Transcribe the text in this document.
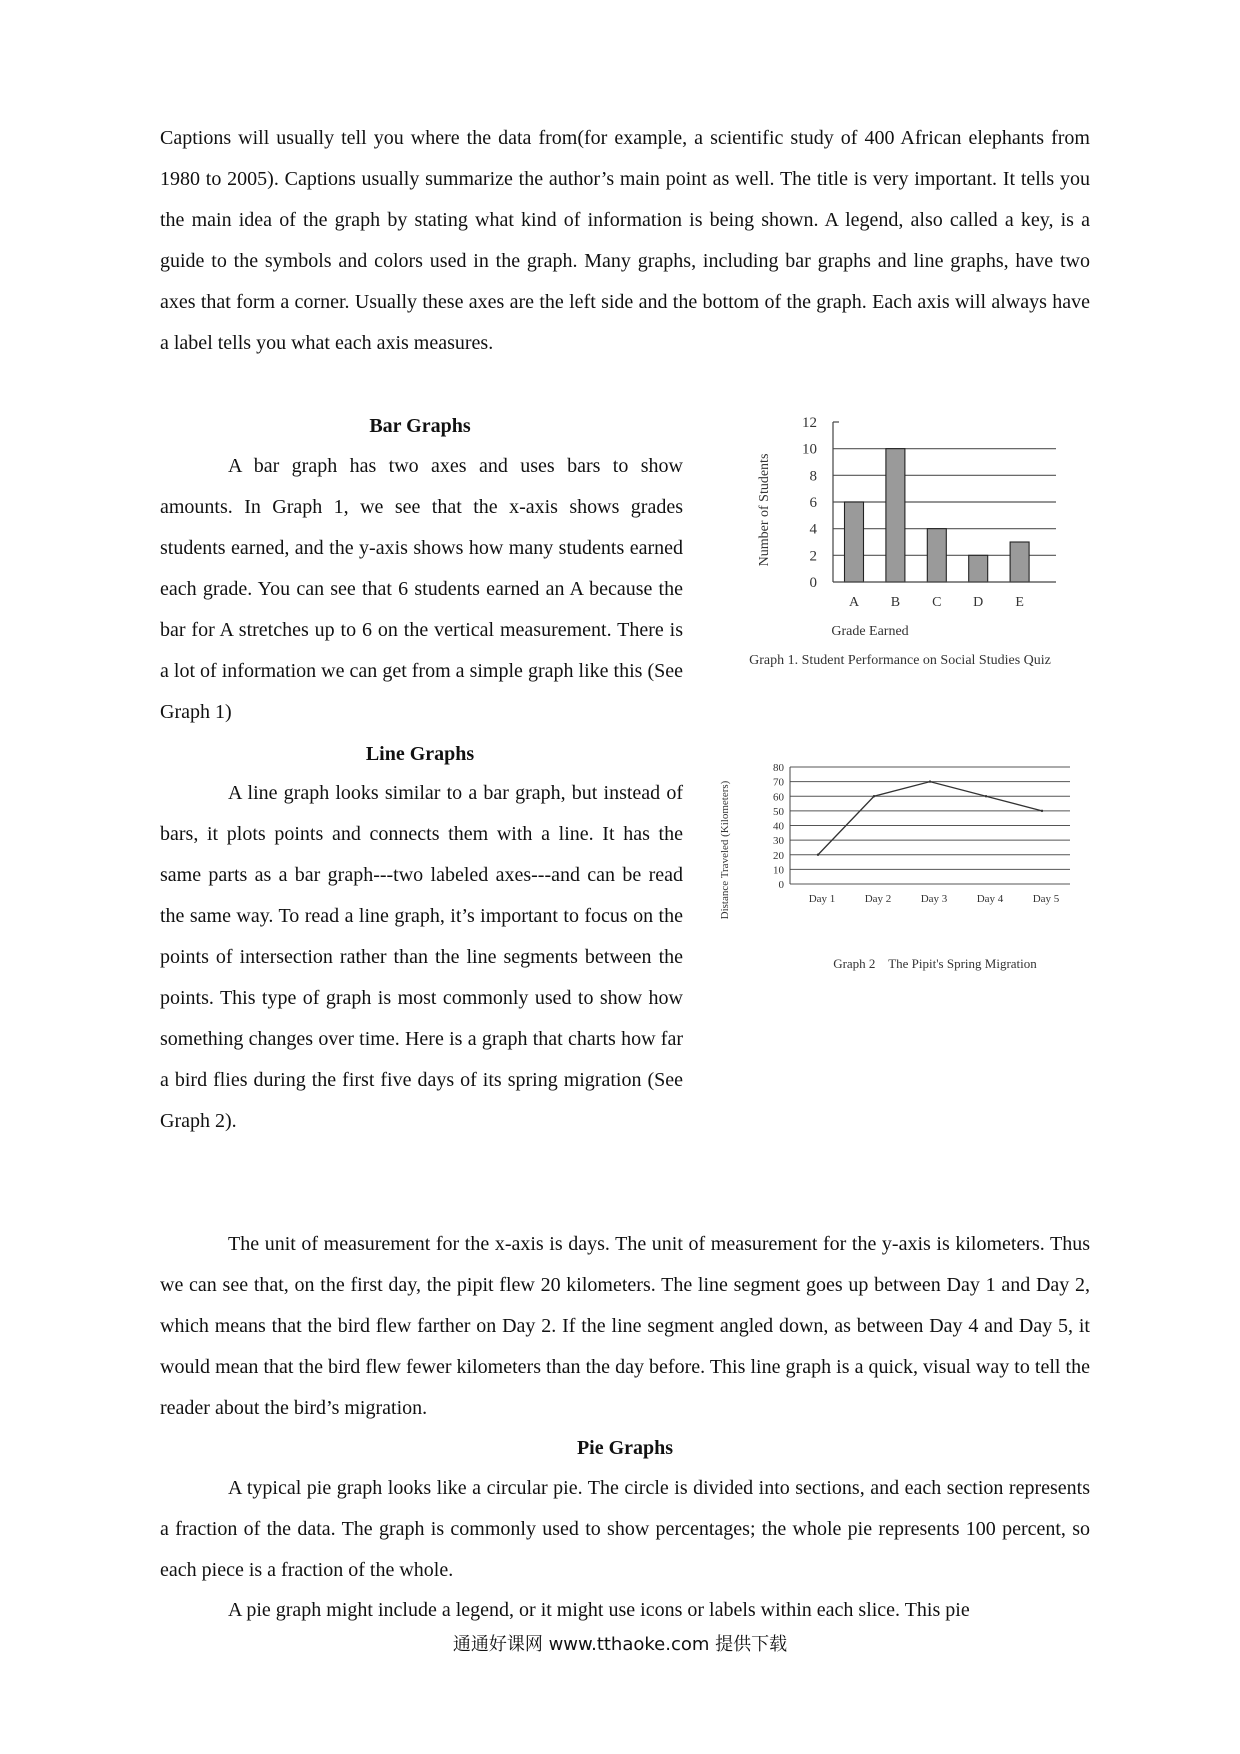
Captions will usually tell you where the data from(for example, a scientific study of 400 African elephants from 1980 to 2005). Captions usually summarize the author’s main point as well. The title is very important. It tells you the main idea of the graph by stating what kind of information is being shown. A legend, also called a key, is a guide to the symbols and colors used in the graph. Many graphs, including bar graphs and line graphs, have two axes that form a corner. Usually these axes are the left side and the bottom of the graph. Each axis will always have a label tells you what each axis measures.

Bar Graphs

A bar graph has two axes and uses bars to show amounts. In Graph 1, we see that the x-axis shows grades students earned, and the y-axis shows how many students earned each grade. You can see that 6 students earned an A because the bar for A stretches up to 6 on the vertical measurement. There is a lot of information we can get from a simple graph like this (See Graph 1)

Line Graphs

A line graph looks similar to a bar graph, but instead of bars, it plots points and connects them with a line. It has the same parts as a bar graph---two labeled axes---and can be read the same way. To read a line graph, it’s important to focus on the points of intersection rather than the line segments between the points. This type of graph is most commonly used to show how something changes over time. Here is a graph that charts how far a bird flies during the first five days of its spring migration (See Graph 2).

0
2
4
6
8
10
12
A B C D E
Number of Students
Grade Earned
Graph 1. Student Performance on Social Studies Quiz
0
10
20
30
40
50
60
70
80
Day 1	Day 2	Day 3	Day 4	Day 5
Distance Traveled (Kilometers)
Graph 2    The Pipit's Spring Migration

The unit of measurement for the x-axis is days. The unit of measurement for the y-axis is kilometers. Thus we can see that, on the first day, the pipit flew 20 kilometers. The line segment goes up between Day 1 and Day 2, which means that the bird flew farther on Day 2. If the line segment angled down, as between Day 4 and Day 5, it would mean that the bird flew fewer kilometers than the day before. This line graph is a quick, visual way to tell the reader about the bird’s migration.

Pie Graphs

A typical pie graph looks like a circular pie. The circle is divided into sections, and each section represents a fraction of the data. The graph is commonly used to show percentages; the whole pie represents 100 percent, so each piece is a fraction of the whole.

A pie graph might include a legend, or it might use icons or labels within each slice. This pie

通通好课网 www.tthaoke.com 提供下载
